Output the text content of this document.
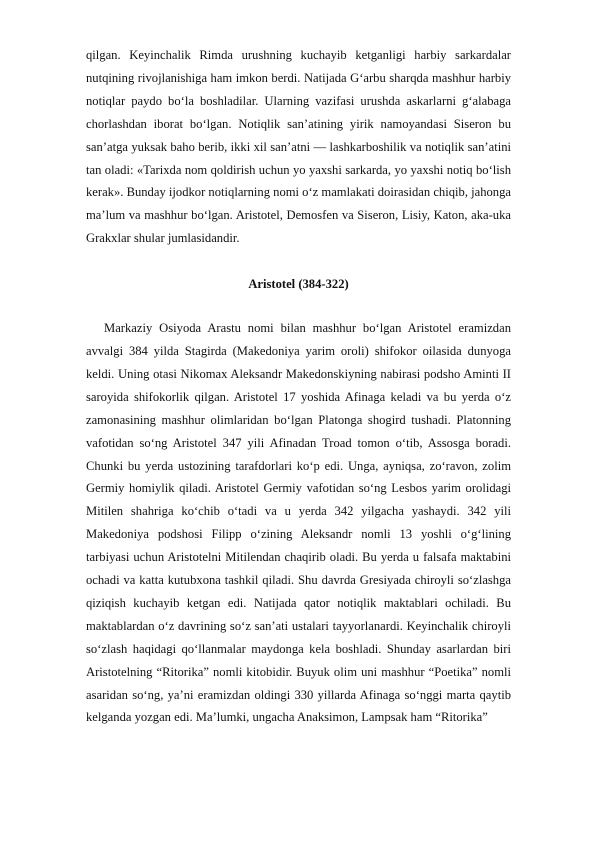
qilgan. Keyinchalik Rimda urushning kuchayib ketganligi harbiy sarkardalar nutqining rivojlanishiga ham imkon berdi. Natijada G‘arbu sharqda mashhur harbiy notiqlar paydo bo‘la boshladilar. Ularning vazifasi urushda askarlarni g‘alabaga chorlashdan iborat bo‘lgan. Notiqlik san’atining yirik namoyandasi Siseron bu san’atga yuksak baho berib, ikki xil san’atni — lashkarboshilik va notiqlik san’atini tan oladi: «Tarixda nom qoldirish uchun yo yaxshi sarkarda, yo yaxshi notiq bo‘lish kerak». Bunday ijodkor notiqlarning nomi o‘z mamlakati doirasidan chiqib, jahonga ma’lum va mashhur bo‘lgan. Aristotel, Demosfen va Siseron, Lisiy, Katon, aka-uka Grakxlar shular jumlasidandir.

Aristotel (384-322)

Markaziy Osiyoda Arastu nomi bilan mashhur bo‘lgan Aristotel eramizdan avvalgi 384 yilda Stagirda (Makedoniya yarim oroli) shifokor oilasida dunyoga keldi. Uning otasi Nikomax Aleksandr Makedonskiyning nabirasi podsho Aminti II saroyida shifokorlik qilgan. Aristotel 17 yoshida Afinaga keladi va bu yerda o‘z zamonasining mashhur olimlaridan bo‘lgan Platonga shogird tushadi. Platonning vafotidan so‘ng Aristotel 347 yili Afinadan Troad tomon o‘tib, Assosga boradi. Chunki bu yerda ustozining tarafdorlari ko‘p edi. Unga, ayniqsa, zo‘ravon, zolim Germiy homiylik qiladi. Aristotel Germiy vafotidan so‘ng Lesbos yarim orolidagi Mitilen shahriga ko‘chib o‘tadi va u yerda 342 yilgacha yashaydi. 342 yili Makedoniya podshosi Filipp o‘zining Aleksandr nomli 13 yoshli o‘g‘lining tarbiyasi uchun Aristotelni Mitilendan chaqirib oladi. Bu yerda u falsafa maktabini ochadi va katta kutubxona tashkil qiladi. Shu davrda Gresiyada chiroyli so‘zlashga qiziqish kuchayib ketgan edi. Natijada qator notiqlik maktablari ochiladi. Bu maktablardan o‘z davrining so‘z san’ati ustalari tayyorlanardi. Keyinchalik chiroyli so‘zlash haqidagi qo‘llanmalar maydonga kela boshladi. Shunday asarlardan biri Aristotelning “Ritorika” nomli kitobidir. Buyuk olim uni mashhur “Poetika” nomli asaridan so‘ng, ya’ni eramizdan oldingi 330 yillarda Afinaga so‘nggi marta qaytib kelganda yozgan edi. Ma’lumki, ungacha Anaksimon, Lampsak ham “Ritorika”
